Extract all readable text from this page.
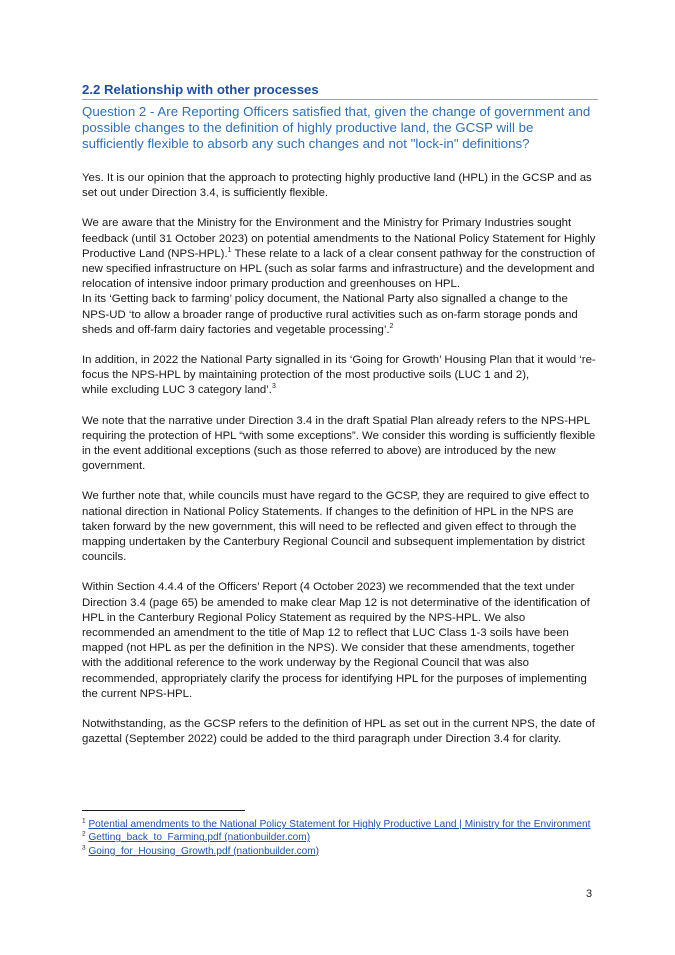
2.2 Relationship with other processes
Question 2 - Are Reporting Officers satisfied that, given the change of government and possible changes to the definition of highly productive land, the GCSP will be sufficiently flexible to absorb any such changes and not "lock-in" definitions?

Yes. It is our opinion that the approach to protecting highly productive land (HPL) in the GCSP and as set out under Direction 3.4, is sufficiently flexible.

We are aware that the Ministry for the Environment and the Ministry for Primary Industries sought feedback (until 31 October 2023) on potential amendments to the National Policy Statement for Highly Productive Land (NPS-HPL).$^1$ These relate to a lack of a clear consent pathway for the construction of new specified infrastructure on HPL (such as solar farms and infrastructure) and the development and relocation of intensive indoor primary production and greenhouses on HPL.

In its ‘Getting back to farming’ policy document, the National Party also signalled a change to the NPS-UD ‘to allow a broader range of productive rural activities such as on-farm storage ponds and sheds and off-farm dairy factories and vegetable processing’.$^2$

In addition, in 2022 the National Party signalled in its ‘Going for Growth’ Housing Plan that it would ‘re-focus the NPS-HPL by maintaining protection of the most productive soils (LUC 1 and 2),
while excluding LUC 3 category land’.$^3$

We note that the narrative under Direction 3.4 in the draft Spatial Plan already refers to the NPS-HPL requiring the protection of HPL “with some exceptions”. We consider this wording is sufficiently flexible in the event additional exceptions (such as those referred to above) are introduced by the new government.

We further note that, while councils must have regard to the GCSP, they are required to give effect to national direction in National Policy Statements. If changes to the definition of HPL in the NPS are taken forward by the new government, this will need to be reflected and given effect to through the mapping undertaken by the Canterbury Regional Council and subsequent implementation by district councils.

Within Section 4.4.4 of the Officers’ Report (4 October 2023) we recommended that the text under Direction 3.4 (page 65) be amended to make clear Map 12 is not determinative of the identification of HPL in the Canterbury Regional Policy Statement as required by the NPS-HPL. We also recommended an amendment to the title of Map 12 to reflect that LUC Class 1-3 soils have been mapped (not HPL as per the definition in the NPS). We consider that these amendments, together with the additional reference to the work underway by the Regional Council that was also recommended, appropriately clarify the process for identifying HPL for the purposes of implementing the current NPS-HPL.

Notwithstanding, as the GCSP refers to the definition of HPL as set out in the current NPS, the date of gazettal (September 2022) could be added to the third paragraph under Direction 3.4 for clarity.

$^1$ Potential amendments to the National Policy Statement for Highly Productive Land | Ministry for the Environment
$^2$ Getting_back_to_Farming.pdf (nationbuilder.com)
$^3$ Going_for_Housing_Growth.pdf (nationbuilder.com)
3
